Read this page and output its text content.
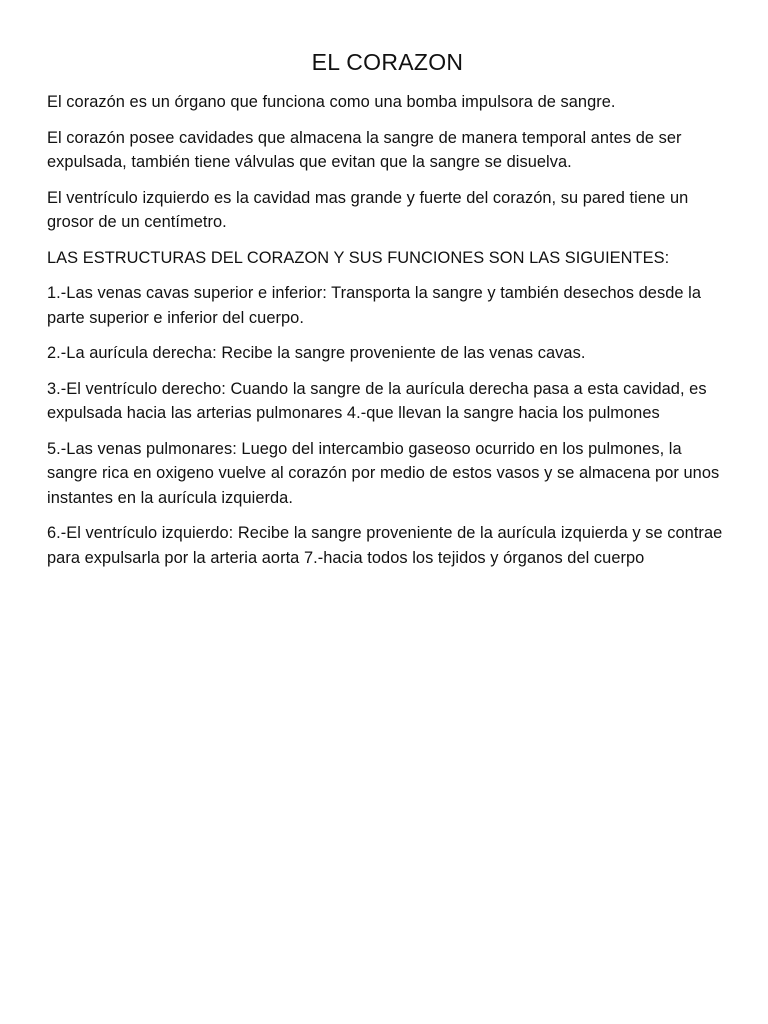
EL CORAZON

El corazón es un órgano que funciona como una bomba impulsora de sangre.

El corazón posee cavidades que almacena la sangre de manera temporal antes de ser expulsada, también tiene válvulas que evitan que la sangre se disuelva.

El ventrículo izquierdo es la cavidad mas grande y fuerte del corazón, su pared tiene un grosor de un centímetro.

LAS ESTRUCTURAS DEL CORAZON Y SUS FUNCIONES SON LAS SIGUIENTES:

1.-Las venas cavas superior e inferior: Transporta la sangre y también desechos desde la parte superior e inferior del cuerpo.

2.-La aurícula derecha: Recibe la sangre proveniente de las venas cavas.

3.-El ventrículo derecho: Cuando la sangre de la aurícula derecha pasa a esta cavidad, es expulsada hacia las arterias pulmonares 4.-que llevan la sangre hacia los pulmones

5.-Las venas pulmonares: Luego del intercambio gaseoso ocurrido en los pulmones, la sangre rica en oxigeno vuelve al corazón por medio de estos vasos y se almacena por unos instantes en la aurícula izquierda.

6.-El ventrículo izquierdo: Recibe la sangre proveniente de la aurícula izquierda y se contrae para expulsarla por la arteria aorta 7.-hacia todos los tejidos y órganos del cuerpo
